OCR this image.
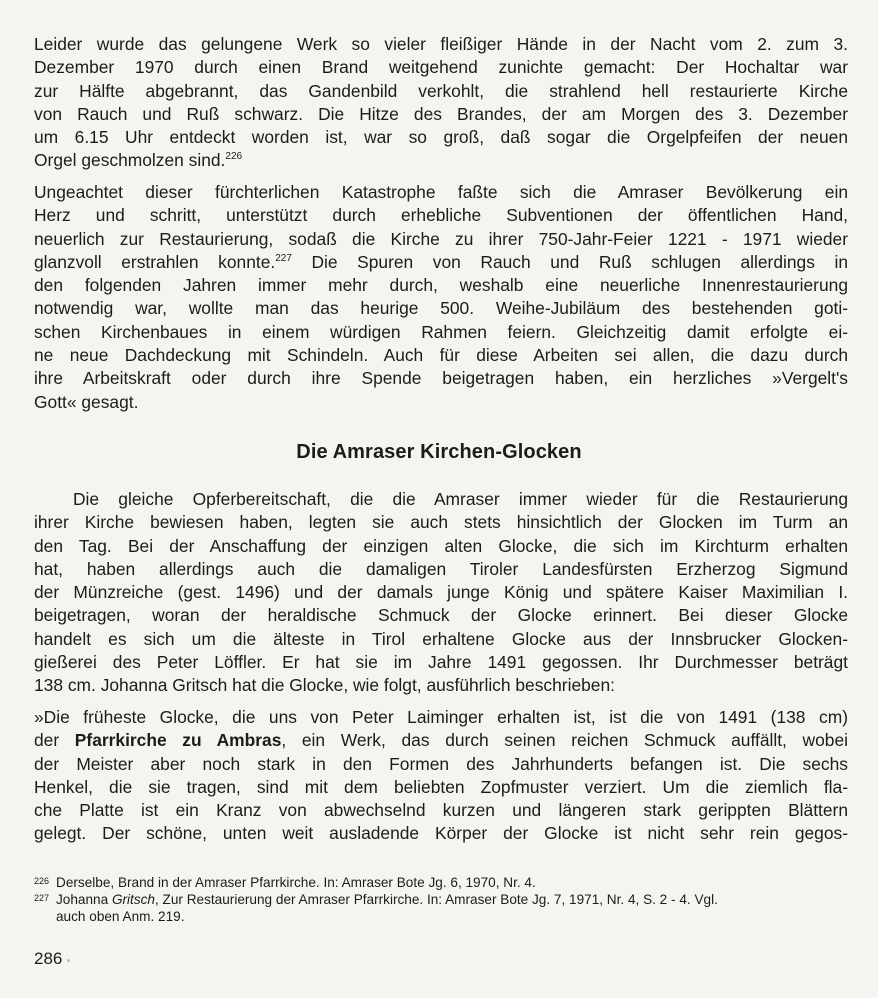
Leider wurde das gelungene Werk so vieler fleißiger Hände in der Nacht vom 2. zum 3.
Dezember 1970 durch einen Brand weitgehend zunichte gemacht: Der Hochaltar war
zur Hälfte abgebrannt, das Gandenbild verkohlt, die strahlend hell restaurierte Kirche
von Rauch und Ruß schwarz. Die Hitze des Brandes, der am Morgen des 3. Dezember
um 6.15 Uhr entdeckt worden ist, war so groß, daß sogar die Orgelpfeifen der neuen
Orgel geschmolzen sind.$^{226}$

Ungeachtet dieser fürchterlichen Katastrophe faßte sich die Amraser Bevölkerung ein
Herz und schritt, unterstützt durch erhebliche Subventionen der öffentlichen Hand,
neuerlich zur Restaurierung, sodaß die Kirche zu ihrer 750-Jahr-Feier 1221 - 1971 wieder
glanzvoll erstrahlen konnte.$^{227}$ Die Spuren von Rauch und Ruß schlugen allerdings in
den folgenden Jahren immer mehr durch, weshalb eine neuerliche Innenrestaurierung
notwendig war, wollte man das heurige 500. Weihe-Jubiläum des bestehenden goti-
schen Kirchenbaues in einem würdigen Rahmen feiern. Gleichzeitig damit erfolgte ei-
ne neue Dachdeckung mit Schindeln. Auch für diese Arbeiten sei allen, die dazu durch
ihre Arbeitskraft oder durch ihre Spende beigetragen haben, ein herzliches »Vergelt's
Gott« gesagt.

Die Amraser Kirchen-Glocken

Die gleiche Opferbereitschaft, die die Amraser immer wieder für die Restaurierung
ihrer Kirche bewiesen haben, legten sie auch stets hinsichtlich der Glocken im Turm an
den Tag. Bei der Anschaffung der einzigen alten Glocke, die sich im Kirchturm erhalten
hat, haben allerdings auch die damaligen Tiroler Landesfürsten Erzherzog Sigmund
der Münzreiche (gest. 1496) und der damals junge König und spätere Kaiser Maximilian I.
beigetragen, woran der heraldische Schmuck der Glocke erinnert. Bei dieser Glocke
handelt es sich um die älteste in Tirol erhaltene Glocke aus der Innsbrucker Glocken-
gießerei des Peter Löffler. Er hat sie im Jahre 1491 gegossen. Ihr Durchmesser beträgt
138 cm. Johanna Gritsch hat die Glocke, wie folgt, ausführlich beschrieben:

»Die früheste Glocke, die uns von Peter Laiminger erhalten ist, ist die von 1491 (138 cm)
der Pfarrkirche zu Ambras, ein Werk, das durch seinen reichen Schmuck auffällt, wobei
der Meister aber noch stark in den Formen des Jahrhunderts befangen ist. Die sechs
Henkel, die sie tragen, sind mit dem beliebten Zopfmuster verziert. Um die ziemlich fla-
che Platte ist ein Kranz von abwechselnd kurzen und längeren stark gerippten Blättern
gelegt. Der schöne, unten weit ausladende Körper der Glocke ist nicht sehr rein gegos-

226 Derselbe, Brand in der Amraser Pfarrkirche. In: Amraser Bote Jg. 6, 1970, Nr. 4.
227 Johanna Gritsch, Zur Restaurierung der Amraser Pfarrkirche. In: Amraser Bote Jg. 7, 1971, Nr. 4, S. 2 - 4. Vgl.
auch oben Anm. 219.
286
